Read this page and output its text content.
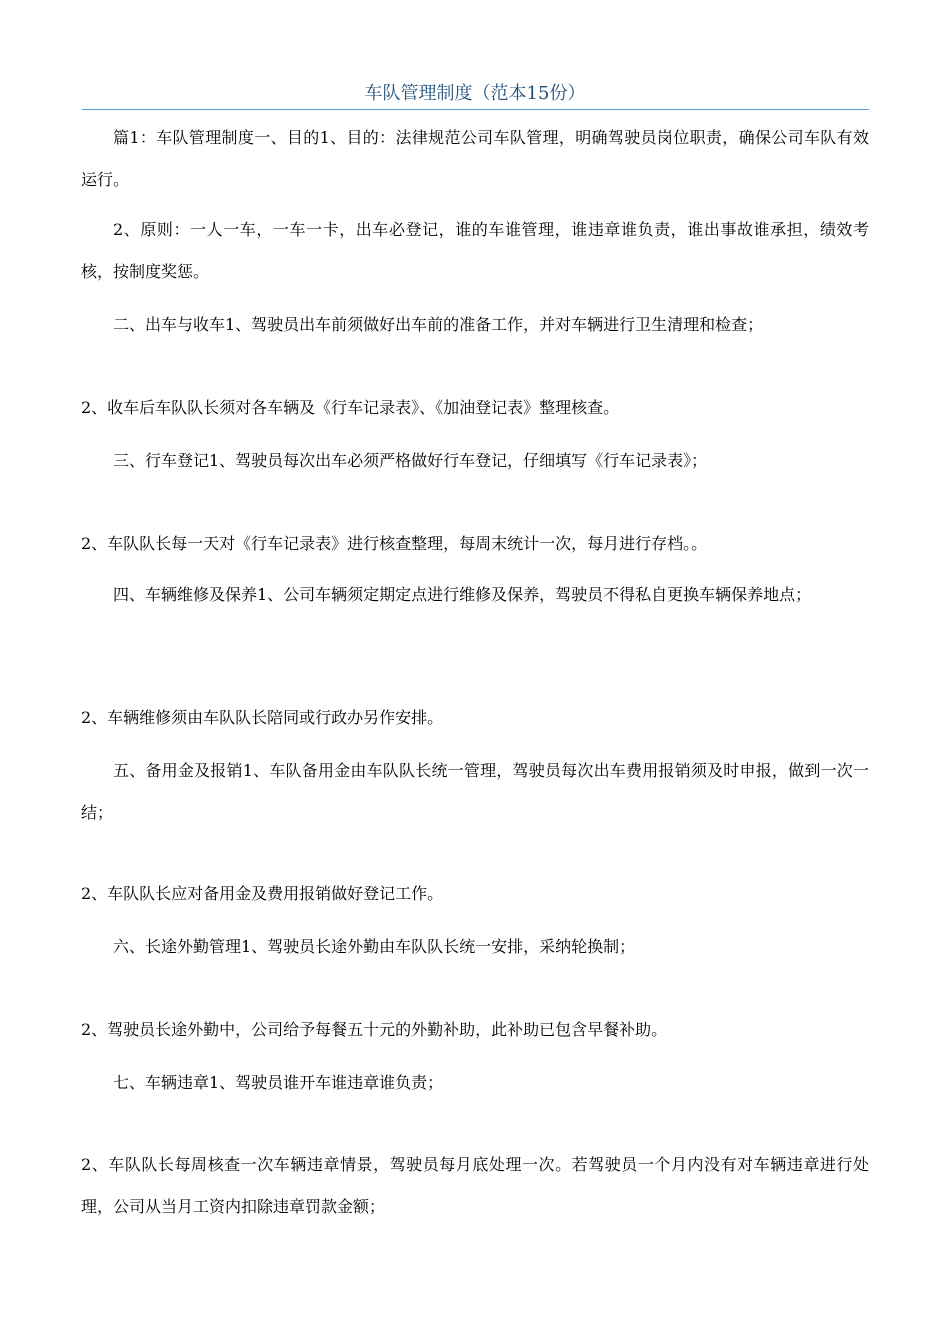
车队管理制度（范本15份）

篇1：车队管理制度一、目的1、目的：法律规范公司车队管理，明确驾驶员岗位职责，确保公司车队有效运行。

2、原则：一人一车，一车一卡，出车必登记，谁的车谁管理，谁违章谁负责，谁出事故谁承担，绩效考核，按制度奖惩。

二、出车与收车1、驾驶员出车前须做好出车前的准备工作，并对车辆进行卫生清理和检查；

2、收车后车队队长须对各车辆及《行车记录表》、《加油登记表》整理核查。

三、行车登记1、驾驶员每次出车必须严格做好行车登记，仔细填写《行车记录表》；

2、车队队长每一天对《行车记录表》进行核查整理，每周末统计一次，每月进行存档。。

四、车辆维修及保养1、公司车辆须定期定点进行维修及保养，驾驶员不得私自更换车辆保养地点；

2、车辆维修须由车队队长陪同或行政办另作安排。

五、备用金及报销1、车队备用金由车队队长统一管理，驾驶员每次出车费用报销须及时申报，做到一次一结；

2、车队队长应对备用金及费用报销做好登记工作。

六、长途外勤管理1、驾驶员长途外勤由车队队长统一安排，采纳轮换制；

2、驾驶员长途外勤中，公司给予每餐五十元的外勤补助，此补助已包含早餐补助。

七、车辆违章1、驾驶员谁开车谁违章谁负责；

2、车队队长每周核查一次车辆违章情景，驾驶员每月底处理一次。若驾驶员一个月内没有对车辆违章进行处理，公司从当月工资内扣除违章罚款金额；
